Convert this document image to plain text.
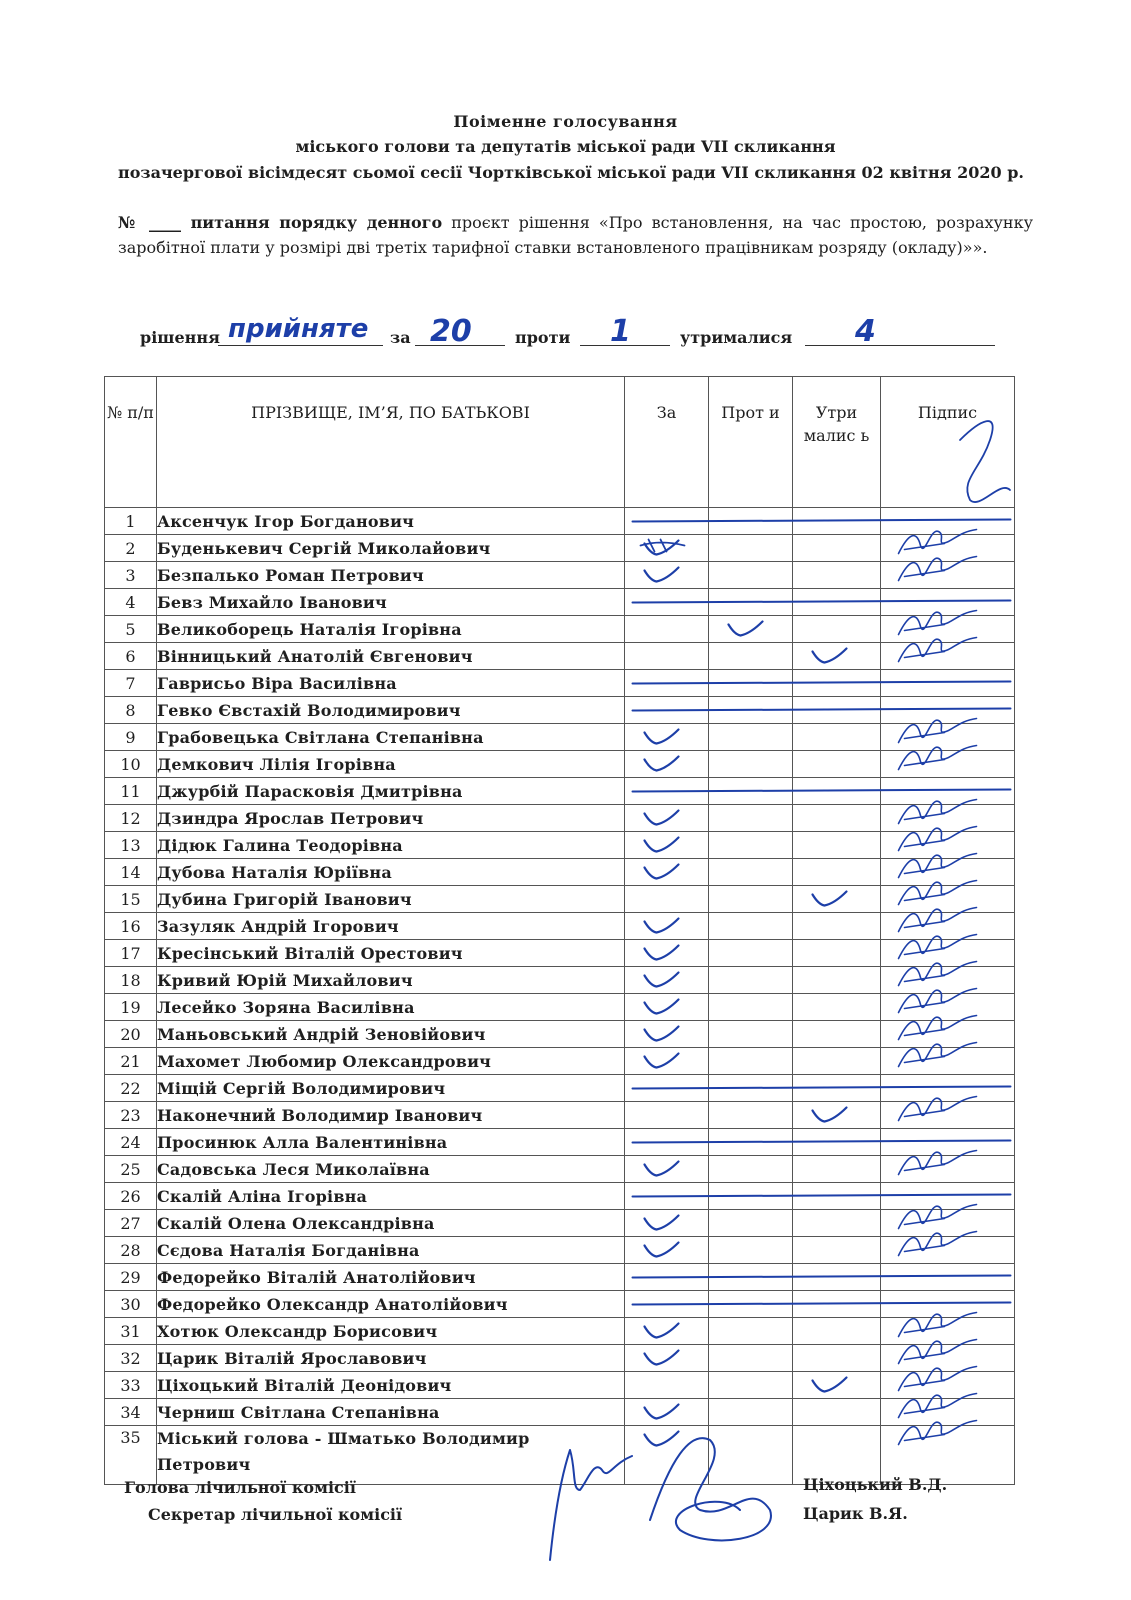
Поіменне голосування
міського голови та депутатів міської ради VII скликання
позачергової вісімдесят сьомої сесії Чортківської міської ради VII скликання 02 квітня 2020 р.
№ ____ питання порядку денного проєкт рішення «Про встановлення, на час простою, розрахунку заробітної плати у розмірі дві третіх тарифної ставки встановленого працівникам розряду (окладу)»».
рішення прийняте за 20	проти 1	утрималися 4
№ п/п	ПРІЗВИЩЕ, ІМ’Я, ПО БАТЬКОВІ	За	Прот и	Утри малис ь	Підпис
1	Аксенчук Ігор Богданович				
2	Буденькевич Сергій Миколайович				
3	Безпалько Роман Петрович				
4	Бевз Михайло Іванович				
5	Великоборець Наталія Ігорівна				
6	Вінницький Анатолій Євгенович				
7	Гаврисьо Віра Василівна				
8	Гевко Євстахій Володимирович				
9	Грабовецька Світлана Степанівна				
10	Демкович Лілія Ігорівна				
11	Джурбій Парасковія Дмитрівна				
12	Дзиндра Ярослав Петрович				
13	Дідюк Галина Теодорівна				
14	Дубова Наталія Юріївна				
15	Дубина Григорій Іванович				
16	Зазуляк Андрій Ігорович				
17	Кресінський Віталій Орестович				
18	Кривий Юрій Михайлович				
19	Лесейко Зоряна Василівна				
20	Маньовський Андрій Зеновійович				
21	Махомет Любомир Олександрович				
22	Міщій Сергій Володимирович				
23	Наконечний Володимир Іванович				
24	Просинюк Алла Валентинівна				
25	Садовська Леся Миколаївна				
26	Скалій Аліна Ігорівна				
27	Скалій Олена Олександрівна				
28	Сєдова Наталія Богданівна				
29	Федорейко Віталій Анатолійович				
30	Федорейко Олександр Анатолійович				
31	Хотюк Олександр Борисович				
32	Царик Віталій Ярославович				
33	Ціхоцький Віталій Деонідович				
34	Черниш Світлана Степанівна				
35	Міський голова - Шматько Володимир Петрович				
Голова лічильної комісії
Секретар лічильної комісії
Ціхоцький В.Д.
Царик В.Я.
